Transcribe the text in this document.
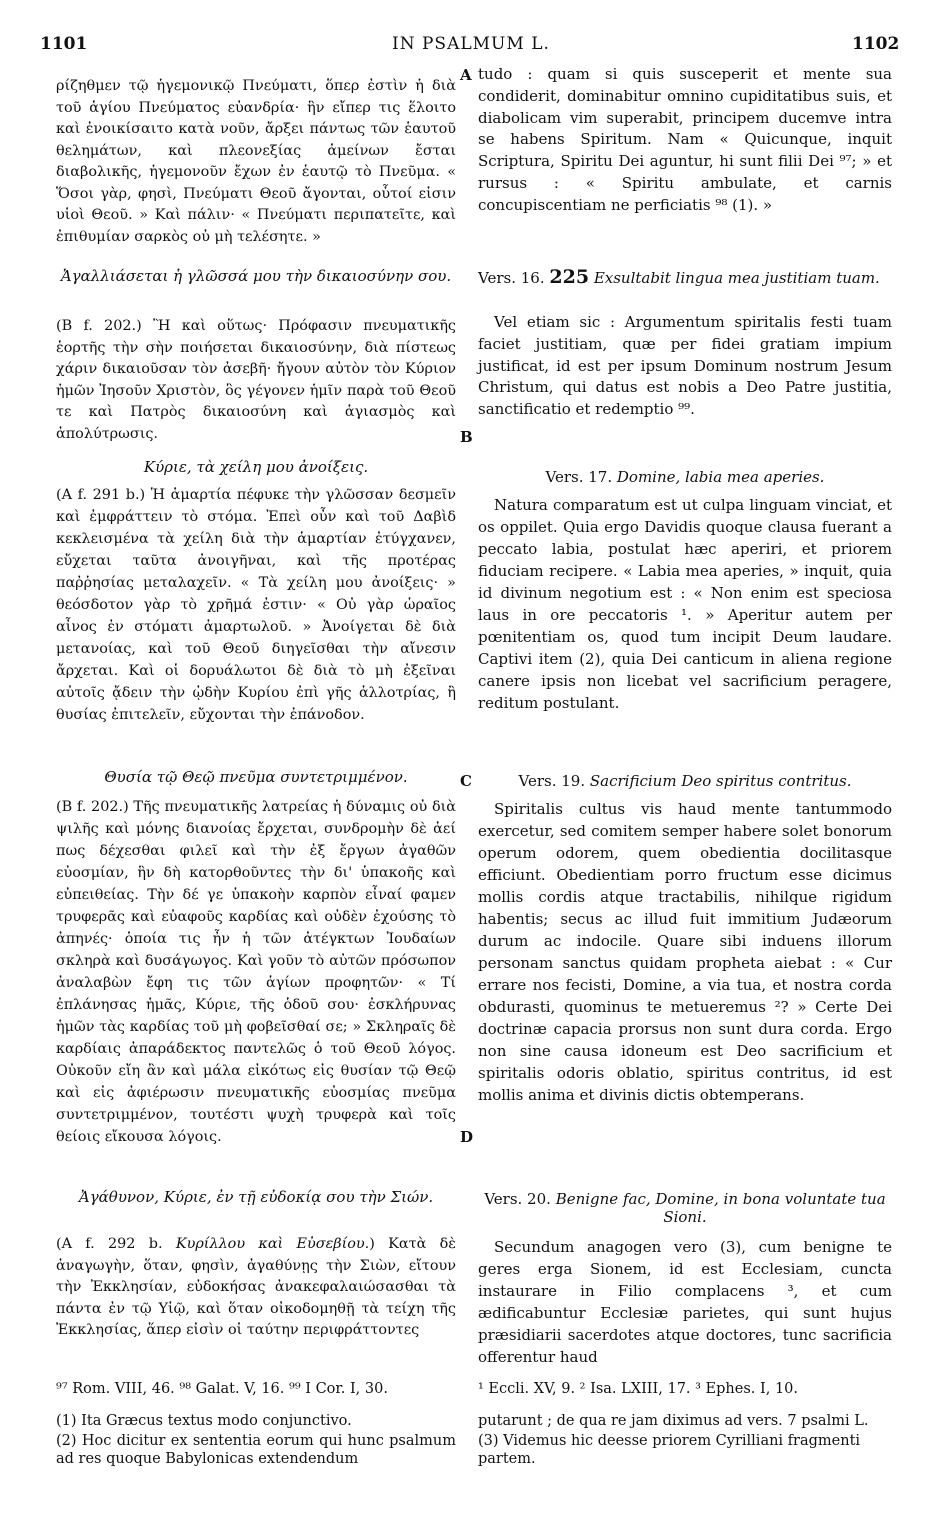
1101	IN PSALMUM L.	1102
A
B
C
D

ρίζηθμεν τῷ ἡγεμονικῷ Πνεύματι, ὅπερ ἐστὶν ἡ διὰ τοῦ ἁγίου Πνεύματος εὐανδρία· ἣν εἴπερ τις ἕλοιτο καὶ ἐνοικίσαιτο κατὰ νοῦν, ἄρξει πάντως τῶν ἑαυτοῦ θελημάτων, καὶ πλεονεξίας ἀμείνων ἔσται διαβολικῆς, ἡγεμονοῦν ἔχων ἐν ἑαυτῷ τὸ Πνεῦμα. « Ὅσοι γὰρ, φησὶ, Πνεύματι Θεοῦ ἄγονται, οὗτοί εἰσιν υἱοὶ Θεοῦ. » Καὶ πάλιν· « Πνεύματι περιπατεῖτε, καὶ ἐπιθυμίαν σαρκὸς οὐ μὴ τελέσητε. »

Ἀγαλλιάσεται ἡ γλῶσσά μου τὴν δικαιοσύνην σου.
(B f. 202.) Ἢ καὶ οὕτως· Πρόφασιν πνευματικῆς ἑορτῆς τὴν σὴν ποιήσεται δικαιοσύνην, διὰ πίστεως χάριν δικαιοῦσαν τὸν ἀσεβῆ· ἤγουν αὐτὸν τὸν Κύριον ἡμῶν Ἰησοῦν Χριστὸν, ὃς γέγονεν ἡμῖν παρὰ τοῦ Θεοῦ τε καὶ Πατρὸς δικαιοσύνη καὶ ἁγιασμὸς καὶ ἀπολύτρωσις.
Κύριε, τὰ χείλη μου ἀνοίξεις.
(A f. 291 b.) Ἡ ἁμαρτία πέφυκε τὴν γλῶσσαν δεσμεῖν καὶ ἐμφράττειν τὸ στόμα. Ἐπεὶ οὖν καὶ τοῦ Δαβὶδ κεκλεισμένα τὰ χείλη διὰ τὴν ἁμαρτίαν ἐτύγχανεν, εὔχεται ταῦτα ἀνοιγῆναι, καὶ τῆς προτέρας παῤῥησίας μεταλαχεῖν. « Τὰ χείλη μου ἀνοίξεις· » θεόσδοτον γὰρ τὸ χρῆμά ἐστιν· « Οὐ γὰρ ὡραῖος αἶνος ἐν στόματι ἁμαρτωλοῦ. » Ἀνοίγεται δὲ διὰ μετανοίας, καὶ τοῦ Θεοῦ διηγεῖσθαι τὴν αἴνεσιν ἄρχεται. Καὶ οἱ δορυάλωτοι δὲ διὰ τὸ μὴ ἐξεῖναι αὐτοῖς ᾄδειν τὴν ᾠδὴν Κυρίου ἐπὶ γῆς ἀλλοτρίας, ἢ θυσίας ἐπιτελεῖν, εὔχονται τὴν ἐπάνοδον.
Θυσία τῷ Θεῷ πνεῦμα συντετριμμένον.
(B f. 202.) Τῆς πνευματικῆς λατρείας ἡ δύναμις οὐ διὰ ψιλῆς καὶ μόνης διανοίας ἔρχεται, συνδρομὴν δὲ ἀεί πως δέχεσθαι φιλεῖ καὶ τὴν ἐξ ἔργων ἀγαθῶν εὐοσμίαν, ἣν δὴ κατορθοῦντες τὴν δι' ὑπακοῆς καὶ εὐπειθείας. Τὴν δέ γε ὑπακοὴν καρπὸν εἶναί φαμεν τρυφερᾶς καὶ εὐαφοῦς καρδίας καὶ οὐδὲν ἐχούσης τὸ ἀπηνές· ὁποία τις ἦν ἡ τῶν ἀτέγκτων Ἰουδαίων σκληρὰ καὶ δυσάγωγος. Καὶ γοῦν τὸ αὐτῶν πρόσωπον ἀναλαβὼν ἔφη τις τῶν ἁγίων προφητῶν· « Τί ἐπλάνησας ἡμᾶς, Κύριε, τῆς ὁδοῦ σου· ἐσκλήρυνας ἡμῶν τὰς καρδίας τοῦ μὴ φοβεῖσθαί σε; » Σκληραῖς δὲ καρδίαις ἀπαράδεκτος παντελῶς ὁ τοῦ Θεοῦ λόγος. Οὐκοῦν εἴη ἂν καὶ μάλα εἰκότως εἰς θυσίαν τῷ Θεῷ καὶ εἰς ἀφιέρωσιν πνευματικῆς εὐοσμίας πνεῦμα συντετριμμένον, τουτέστι ψυχὴ τρυφερὰ καὶ τοῖς θείοις εἴκουσα λόγοις.
Ἀγάθυνον, Κύριε, ἐν τῇ εὐδοκίᾳ σου τὴν Σιών.
(A f. 292 b. Κυρίλλου καὶ Εὐσεβίου.) Κατὰ δὲ ἀναγωγὴν, ὅταν, φησὶν, ἀγαθύνῃς τὴν Σιὼν, εἴτουν τὴν Ἐκκλησίαν, εὐδοκήσας ἀνακεφαλαιώσασθαι τὰ πάντα ἐν τῷ Υἱῷ, καὶ ὅταν οἰκοδομηθῇ τὰ τείχη τῆς Ἐκκλησίας, ἅπερ εἰσὶν οἱ ταύτην περιφράττοντες
⁹⁷ Rom. VIII, 46. ⁹⁸ Galat. V, 16. ⁹⁹ I Cor. I, 30.
(1) Ita Græcus textus modo conjunctivo.
(2) Hoc dicitur ex sententia eorum qui hunc psalmum ad res quoque Babylonicas extendendum
tudo : quam si quis susceperit et mente sua condiderit, dominabitur omnino cupiditatibus suis, et diabolicam vim superabit, principem ducemve intra se habens Spiritum. Nam « Quicunque, inquit Scriptura, Spiritu Dei aguntur, hi sunt filii Dei ⁹⁷; » et rursus : « Spiritu ambulate, et carnis concupiscentiam ne perficiatis ⁹⁸ (1). »
Vers. 16. 225 Exsultabit lingua mea justitiam tuam.
Vel etiam sic : Argumentum spiritalis festi tuam faciet justitiam, quæ per fidei gratiam impium justificat, id est per ipsum Dominum nostrum Jesum Christum, qui datus est nobis a Deo Patre justitia, sanctificatio et redemptio ⁹⁹.
Vers. 17. Domine, labia mea aperies.
Natura comparatum est ut culpa linguam vinciat, et os oppilet. Quia ergo Davidis quoque clausa fuerant a peccato labia, postulat hæc aperiri, et priorem fiduciam recipere. « Labia mea aperies, » inquit, quia id divinum negotium est : « Non enim est speciosa laus in ore peccatoris ¹. » Aperitur autem per pœnitentiam os, quod tum incipit Deum laudare. Captivi item (2), quia Dei canticum in aliena regione canere ipsis non licebat vel sacrificium peragere, reditum postulant.
Vers. 19. Sacrificium Deo spiritus contritus.
Spiritalis cultus vis haud mente tantummodo exercetur, sed comitem semper habere solet bonorum operum odorem, quem obedientia docilitasque efficiunt. Obedientiam porro fructum esse dicimus mollis cordis atque tractabilis, nihilque rigidum habentis; secus ac illud fuit immitium Judæorum durum ac indocile. Quare sibi induens illorum personam sanctus quidam propheta aiebat : « Cur errare nos fecisti, Domine, a via tua, et nostra corda obdurasti, quominus te metueremus ²? » Certe Dei doctrinæ capacia prorsus non sunt dura corda. Ergo non sine causa idoneum est Deo sacrificium et spiritalis odoris oblatio, spiritus contritus, id est mollis anima et divinis dictis obtemperans.
Vers. 20. Benigne fac, Domine, in bona voluntate tua Sioni.
Secundum anagogen vero (3), cum benigne te geres erga Sionem, id est Ecclesiam, cuncta instaurare in Filio complacens ³, et cum ædificabuntur Ecclesiæ parietes, qui sunt hujus præsidiarii sacerdotes atque doctores, tunc sacrificia offerentur haud
¹ Eccli. XV, 9. ² Isa. LXIII, 17. ³ Ephes. I, 10.
putarunt ; de qua re jam diximus ad vers. 7 psalmi L.
(3) Videmus hic deesse priorem Cyrilliani fragmenti partem.
